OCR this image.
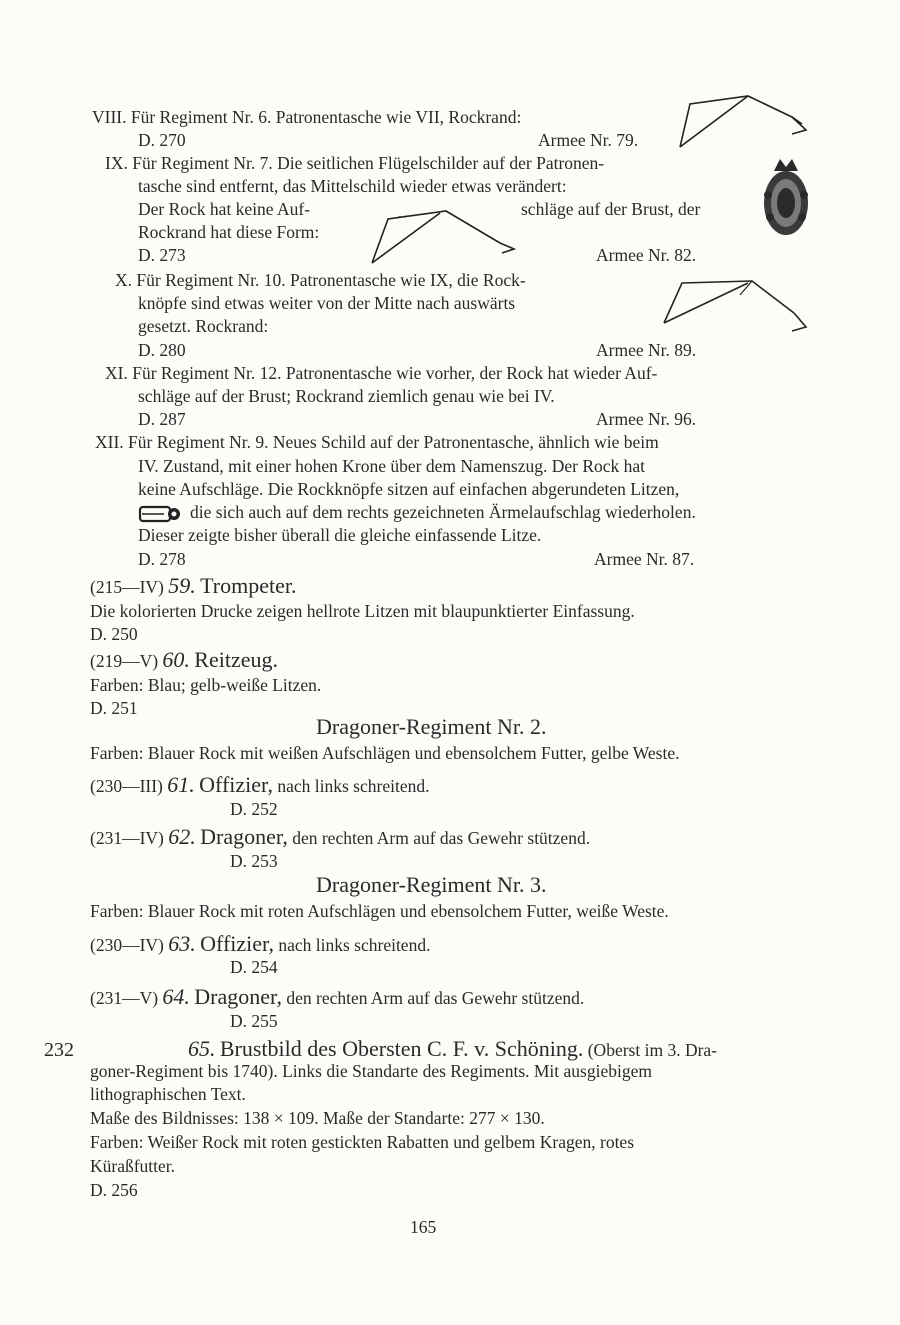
VIII. Für Regiment Nr. 6. Patronentasche wie VII, Rockrand:
D. 270	Armee Nr. 79.
IX. Für Regiment Nr. 7. Die seitlichen Flügelschilder auf der Patronen-
tasche sind entfernt, das Mittelschild wieder etwas verändert:
Der Rock hat keine Auf-	schläge auf der Brust, der
Rockrand hat diese Form:
D. 273	Armee Nr. 82.
X. Für Regiment Nr. 10. Patronentasche wie IX, die Rock-
knöpfe sind etwas weiter von der Mitte nach auswärts
gesetzt. Rockrand:
D. 280	Armee Nr. 89.
XI. Für Regiment Nr. 12. Patronentasche wie vorher, der Rock hat wieder Auf-
schläge auf der Brust; Rockrand ziemlich genau wie bei IV.
D. 287	Armee Nr. 96.
XII. Für Regiment Nr. 9. Neues Schild auf der Patronentasche, ähnlich wie beim
IV. Zustand, mit einer hohen Krone über dem Namenszug. Der Rock hat
keine Aufschläge. Die Rockknöpfe sitzen auf einfachen abgerundeten Litzen,
die sich auch auf dem rechts gezeichneten Ärmelaufschlag wiederholen.
Dieser zeigte bisher überall die gleiche einfassende Litze.
D. 278	Armee Nr. 87.
(215—IV) 59. Trompeter.
Die kolorierten Drucke zeigen hellrote Litzen mit blaupunktierter Einfassung.
D. 250
(219—V) 60. Reitzeug.
Farben: Blau; gelb-weiße Litzen.
D. 251
Dragoner-Regiment Nr. 2.
Farben: Blauer Rock mit weißen Aufschlägen und ebensolchem Futter, gelbe Weste.
(230—III) 61. Offizier, nach links schreitend.
D. 252
(231—IV) 62. Dragoner, den rechten Arm auf das Gewehr stützend.
D. 253
Dragoner-Regiment Nr. 3.
Farben: Blauer Rock mit roten Aufschlägen und ebensolchem Futter, weiße Weste.
(230—IV) 63. Offizier, nach links schreitend.
D. 254
(231—V) 64. Dragoner, den rechten Arm auf das Gewehr stützend.
D. 255
232	65. Brustbild des Obersten C. F. v. Schöning. (Oberst im 3. Dra-
goner-Regiment bis 1740). Links die Standarte des Regiments. Mit ausgiebigem
lithographischen Text.
Maße des Bildnisses: 138 × 109. Maße der Standarte: 277 × 130.
Farben: Weißer Rock mit roten gestickten Rabatten und gelbem Kragen, rotes
Küraßfutter.
D. 256
165
